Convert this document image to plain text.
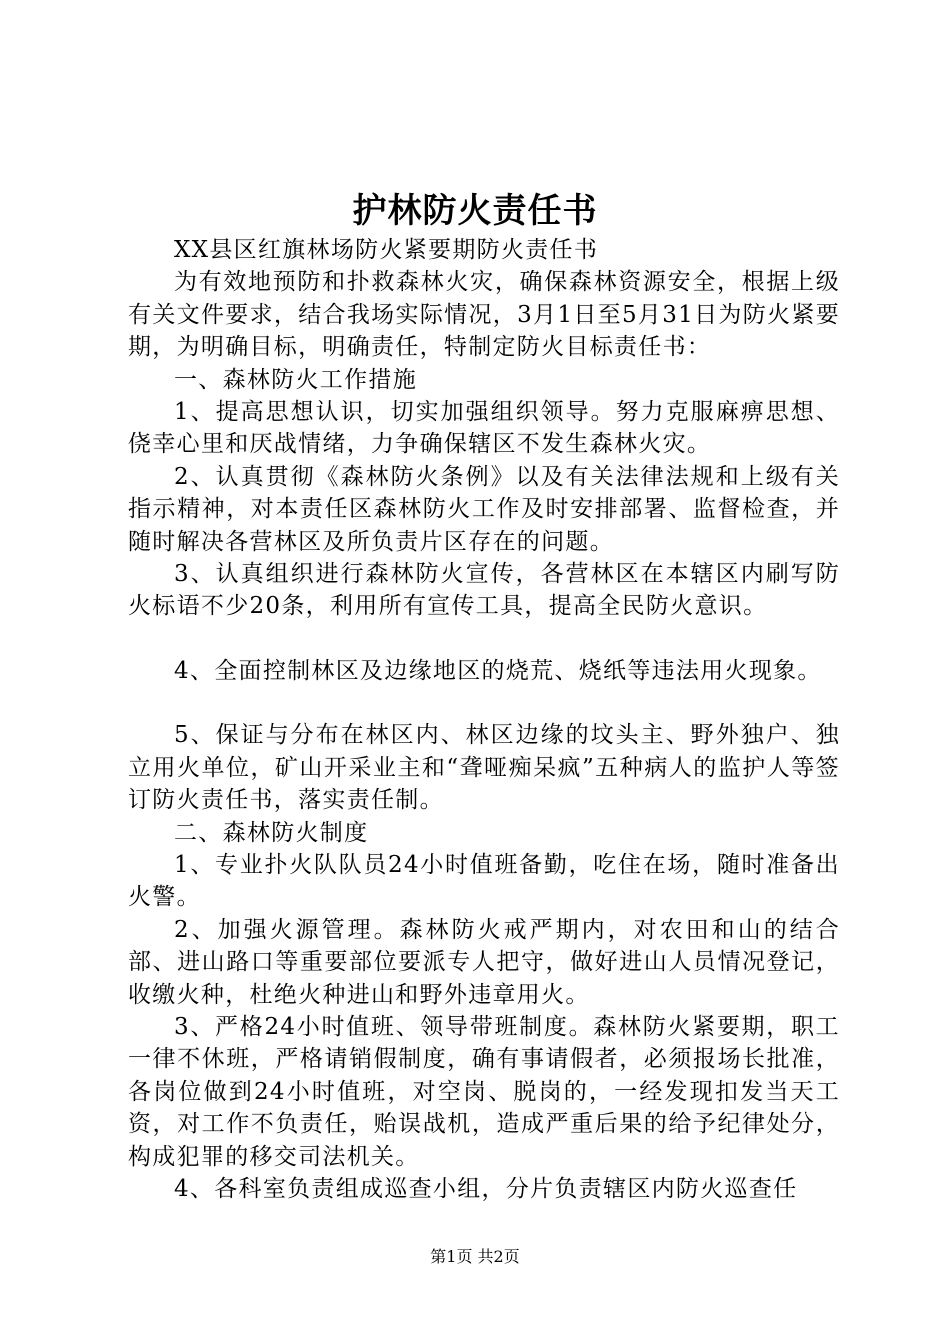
护林防火责任书

XX县区红旗林场防火紧要期防火责任书

为有效地预防和扑救森林火灾，确保森林资源安全，根据上级有关文件要求，结合我场实际情况，3月1日至5月31日为防火紧要期，为明确目标，明确责任，特制定防火目标责任书：

一、森林防火工作措施

1、提高思想认识，切实加强组织领导。努力克服麻痹思想、侥幸心里和厌战情绪，力争确保辖区不发生森林火灾。

2、认真贯彻《森林防火条例》以及有关法律法规和上级有关指示精神，对本责任区森林防火工作及时安排部署、监督检查，并随时解决各营林区及所负责片区存在的问题。

3、认真组织进行森林防火宣传，各营林区在本辖区内刷写防火标语不少20条，利用所有宣传工具，提高全民防火意识。

4、全面控制林区及边缘地区的烧荒、烧纸等违法用火现象。

5、保证与分布在林区内、林区边缘的坟头主、野外独户、独立用火单位，矿山开采业主和“聋哑痴呆疯”五种病人的监护人等签订防火责任书，落实责任制。

二、森林防火制度

1、专业扑火队队员24小时值班备勤，吃住在场，随时准备出火警。

2、加强火源管理。森林防火戒严期内，对农田和山的结合部、进山路口等重要部位要派专人把守，做好进山人员情况登记，收缴火种，杜绝火种进山和野外违章用火。

3、严格24小时值班、领导带班制度。森林防火紧要期，职工一律不休班，严格请销假制度，确有事请假者，必须报场长批准，各岗位做到24小时值班，对空岗、脱岗的，一经发现扣发当天工资，对工作不负责任，贻误战机，造成严重后果的给予纪律处分，构成犯罪的移交司法机关。

4、各科室负责组成巡查小组，分片负责辖区内防火巡查任

第1页 共2页
